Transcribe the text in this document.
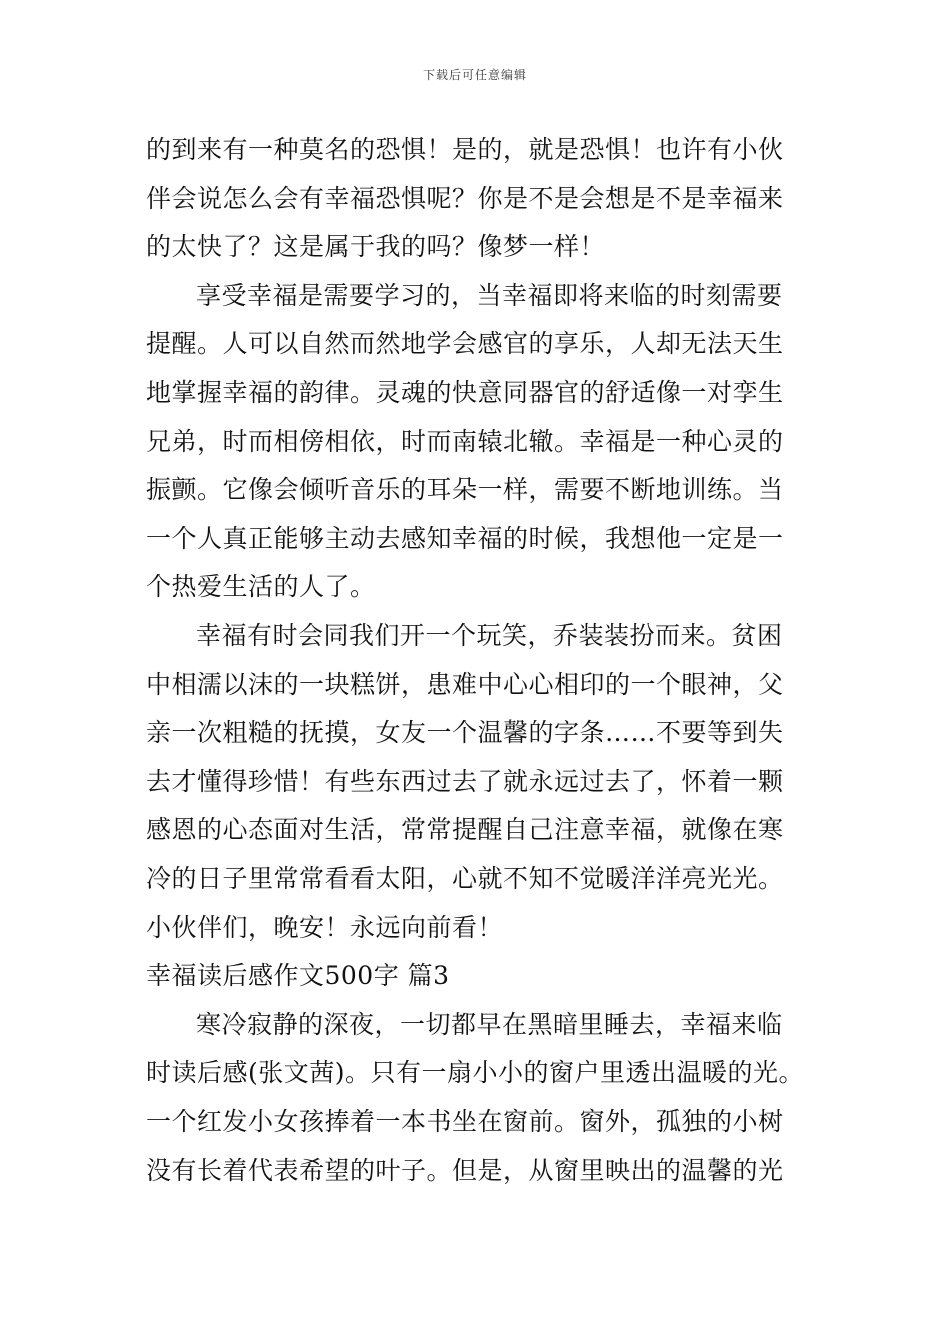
下载后可任意编辑
的到来有一种莫名的恐惧！是的，就是恐惧！也许有小伙
伴会说怎么会有幸福恐惧呢？你是不是会想是不是幸福来
的太快了？这是属于我的吗？像梦一样！
享受幸福是需要学习的，当幸福即将来临的时刻需要
提醒。人可以自然而然地学会感官的享乐，人却无法天生
地掌握幸福的韵律。灵魂的快意同器官的舒适像一对孪生
兄弟，时而相傍相依，时而南辕北辙。幸福是一种心灵的
振颤。它像会倾听音乐的耳朵一样，需要不断地训练。当
一个人真正能够主动去感知幸福的时候，我想他一定是一
个热爱生活的人了。
幸福有时会同我们开一个玩笑，乔装装扮而来。贫困
中相濡以沫的一块糕饼，患难中心心相印的一个眼神，父
亲一次粗糙的抚摸，女友一个温馨的字条……不要等到失
去才懂得珍惜！有些东西过去了就永远过去了，怀着一颗
感恩的心态面对生活，常常提醒自己注意幸福，就像在寒
冷的日子里常常看看太阳，心就不知不觉暖洋洋亮光光。
小伙伴们，晚安！永远向前看！
幸福读后感作文500字 篇3
寒冷寂静的深夜，一切都早在黑暗里睡去，幸福来临
时读后感(张文茜)。只有一扇小小的窗户里透出温暖的光。
一个红发小女孩捧着一本书坐在窗前。窗外，孤独的小树
没有长着代表希望的叶子。但是，从窗里映出的温馨的光
